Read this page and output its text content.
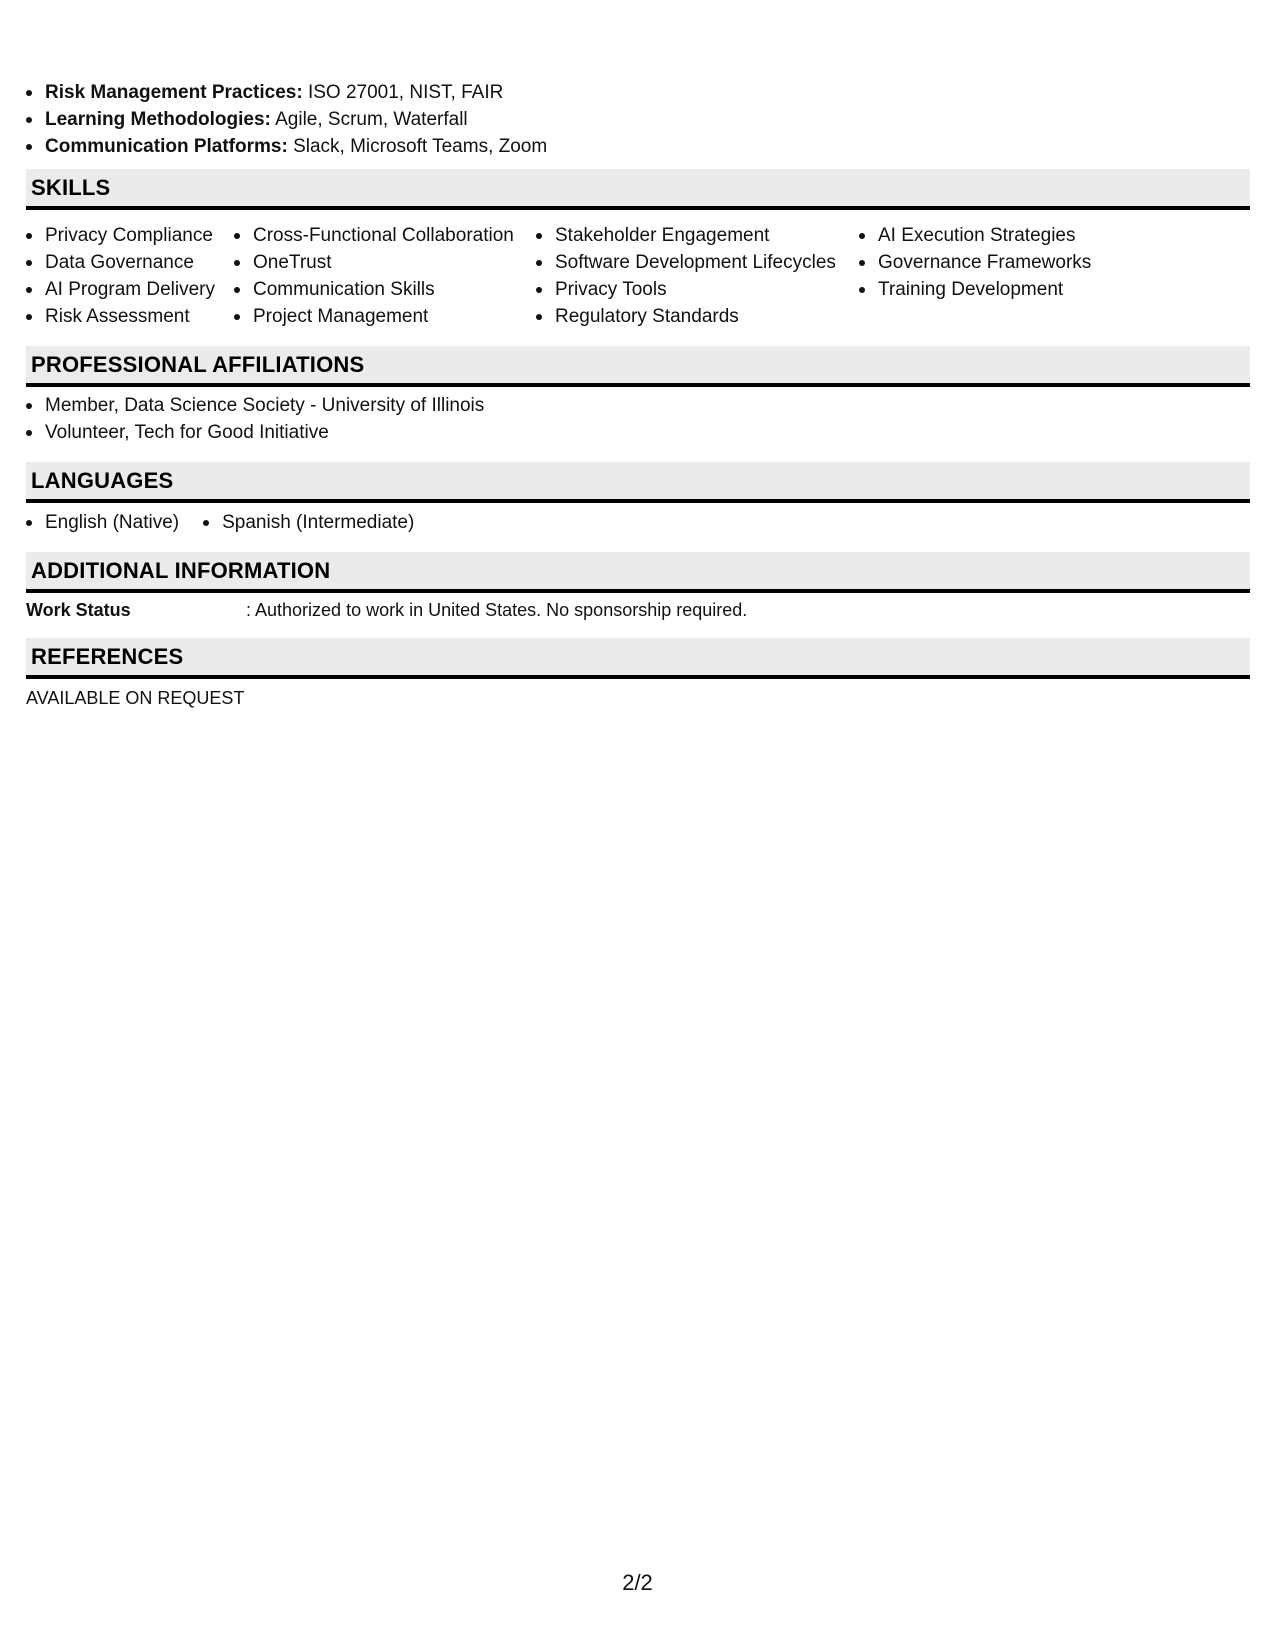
Risk Management Practices: ISO 27001, NIST, FAIR
Learning Methodologies: Agile, Scrum, Waterfall
Communication Platforms: Slack, Microsoft Teams, Zoom
SKILLS
Privacy Compliance
Data Governance
AI Program Delivery
Risk Assessment
Cross-Functional Collaboration
OneTrust
Communication Skills
Project Management
Stakeholder Engagement
Software Development Lifecycles
Privacy Tools
Regulatory Standards
AI Execution Strategies
Governance Frameworks
Training Development
PROFESSIONAL AFFILIATIONS
Member, Data Science Society - University of Illinois
Volunteer, Tech for Good Initiative
LANGUAGES
English (Native)	Spanish (Intermediate)
ADDITIONAL INFORMATION
Work Status	: Authorized to work in United States. No sponsorship required.
REFERENCES
AVAILABLE ON REQUEST
2/2
